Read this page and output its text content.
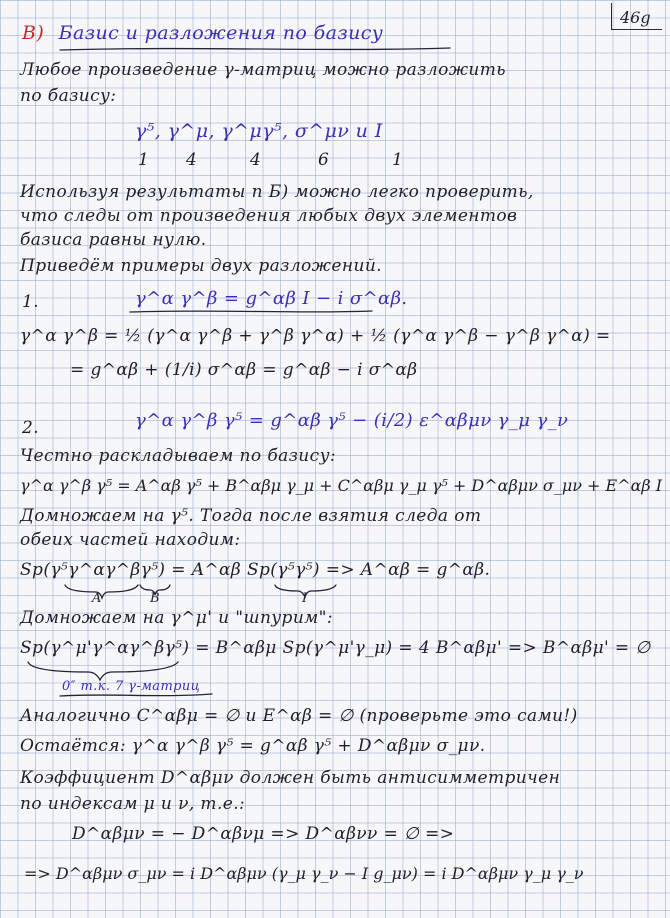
46g
B) Базис и разложения по базису
Любое произведение γ-матриц можно разложить
по базису:
γ⁵, γ^μ, γ^μγ⁵, σ^μν и I
1 4	4	6	1
Используя результаты п Б) можно легко проверить,
что следы от произведения любых двух элементов
базиса равны нулю.
Приведём примеры двух разложений.
1.	γ^α γ^β = g^αβ I − i σ^αβ.
γ^α γ^β = ½ (γ^α γ^β + γ^β γ^α) + ½ (γ^α γ^β − γ^β γ^α) =
= g^αβ + (1/i) σ^αβ = g^αβ − i σ^αβ
2.	γ^α γ^β γ⁵ = g^αβ γ⁵ − (i/2) ε^αβμν γ_μ γ_ν
Честно раскладываем по базису:
γ^α γ^β γ⁵ = A^αβ γ⁵ + B^αβμ γ_μ + C^αβμ γ_μ γ⁵ + D^αβμν σ_μν + E^αβ I
Домножаем на γ⁵. Тогда после взятия следа от
обеих частей находим:
Sp(γ⁵γ^αγ^βγ⁵) = A^αβ Sp(γ⁵γ⁵) => A^αβ = g^αβ.
A	B	I
Домножаем на γ^μ' и "шпурим":
Sp(γ^μ'γ^αγ^βγ⁵) = B^αβμ Sp(γ^μ'γ_μ) = 4 B^αβμ' => B^αβμ' = ∅
0″ т.к. 7 γ-матриц
Аналогично C^αβμ = ∅ и E^αβ = ∅ (проверьте это сами!)
Остаётся: γ^α γ^β γ⁵ = g^αβ γ⁵ + D^αβμν σ_μν.
Коэффициент D^αβμν должен быть антисимметричен
по индексам μ и ν, т.е.:
D^αβμν = − D^αβνμ => D^αβνν = ∅ =>
=> D^αβμν σ_μν = i D^αβμν (γ_μ γ_ν − I g_μν) = i D^αβμν γ_μ γ_ν
